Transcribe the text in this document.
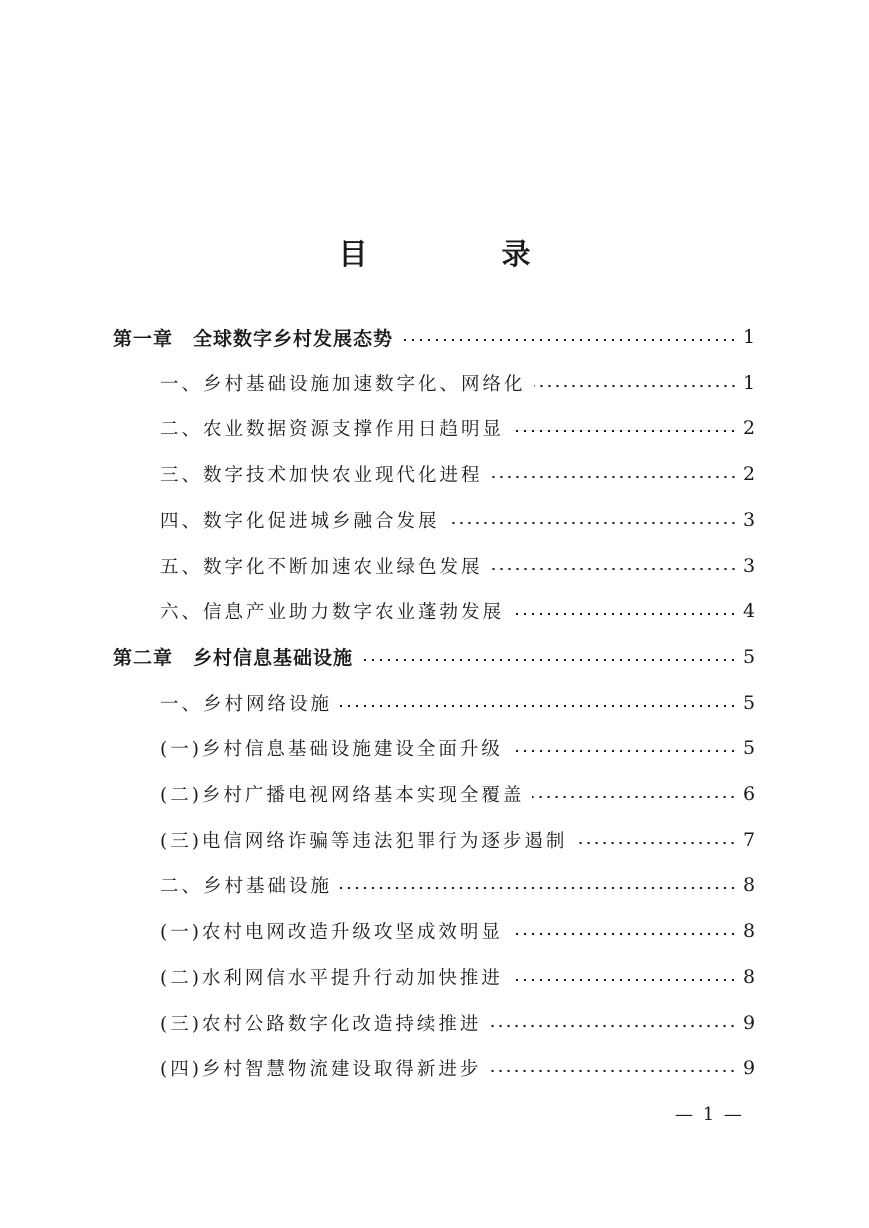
目 录
第一章　全球数字乡村发展态势	1
一、乡村基础设施加速数字化、网络化	1
二、农业数据资源支撑作用日趋明显	2
三、数字技术加快农业现代化进程	2
四、数字化促进城乡融合发展	3
五、数字化不断加速农业绿色发展	3
六、信息产业助力数字农业蓬勃发展	4
第二章　乡村信息基础设施	5
一、乡村网络设施	5
(一)乡村信息基础设施建设全面升级	5
(二)乡村广播电视网络基本实现全覆盖	6
(三)电信网络诈骗等违法犯罪行为逐步遏制	7
二、乡村基础设施	8
(一)农村电网改造升级攻坚成效明显	8
(二)水利网信水平提升行动加快推进	8
(三)农村公路数字化改造持续推进	9
(四)乡村智慧物流建设取得新进步	9
— 1 —
